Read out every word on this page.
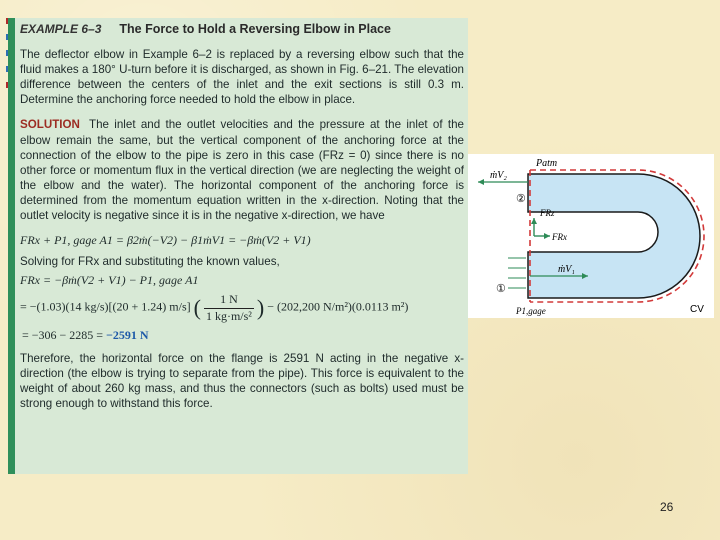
EXAMPLE 6–3 The Force to Hold a Reversing Elbow in Place

The deflector elbow in Example 6–2 is replaced by a reversing elbow such that the fluid makes a 180° U-turn before it is discharged, as shown in Fig. 6–21. The elevation difference between the centers of the inlet and the exit sections is still 0.3 m. Determine the anchoring force needed to hold the elbow in place.

SOLUTION The inlet and the outlet velocities and the pressure at the inlet of the elbow remain the same, but the vertical component of the anchoring force at the connection of the elbow to the pipe is zero in this case (FRz = 0) since there is no other force or momentum flux in the vertical direction (we are neglecting the weight of the elbow and the water). The horizontal component of the anchoring force is determined from the momentum equation written in the x-direction. Noting that the outlet velocity is negative since it is in the negative x-direction, we have

FRx + P1, gage A1 = β2ṁ(−V2) − β1ṁV1 = −βṁ(V2 + V1)
Solving for FRx and substituting the known values,
FRx = −βṁ(V2 + V1) − P1, gage A1
= −(1.03)(14 kg/s)[(20 + 1.24) m/s] ( $\frac{1 N}{\text{1 kg·m/s²}}$ ) − (202,200 N/m²)(0.0113 m²)
= −306 − 2285 = −2591 N

Therefore, the horizontal force on the flange is 2591 N acting in the negative x-direction (the elbow is trying to separate from the pipe). This force is equivalent to the weight of about 260 kg mass, and thus the connectors (such as bolts) used must be strong enough to withstand this force.

Patm
ṁV₂
②
FRz
FRx
ṁV₁
①
P1,gage	CV
26
